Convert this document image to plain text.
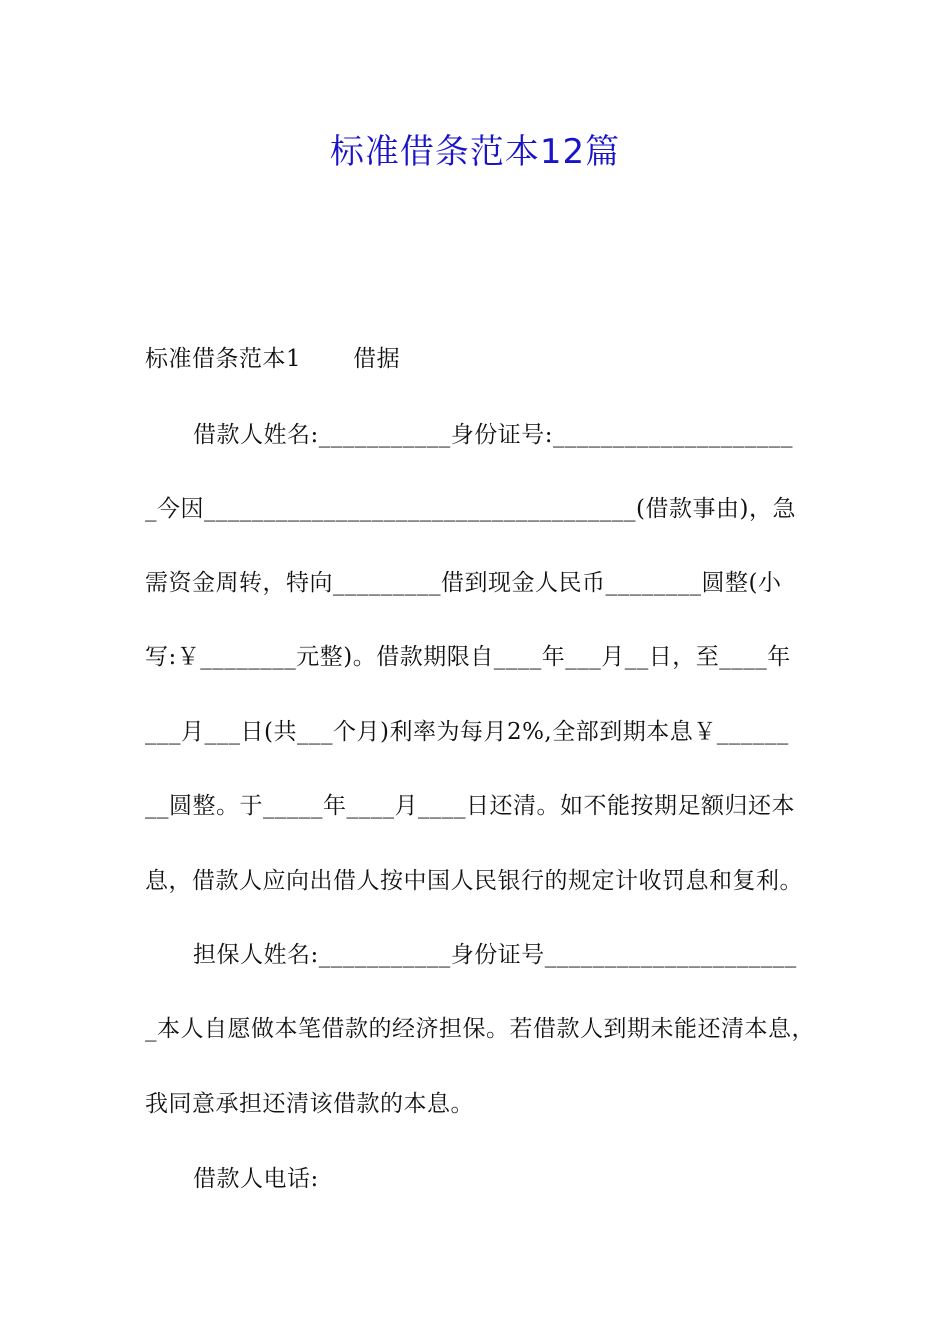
标准借条范本12篇
标准借条范本1 借据
借款人姓名:___________身份证号:____________________
_今因____________________________________(借款事由)，急
需资金周转，特向_________借到现金人民币________圆整(小
写:￥________元整)。借款期限自____年___月__日，至____年
___月___日(共___个月)利率为每月2%,全部到期本息￥______
__圆整。于_____年____月____日还清。如不能按期足额归还本
息，借款人应向出借人按中国人民银行的规定计收罚息和复利。
担保人姓名:___________身份证号_____________________
_本人自愿做本笔借款的经济担保。若借款人到期未能还清本息，
我同意承担还清该借款的本息。
借款人电话:
